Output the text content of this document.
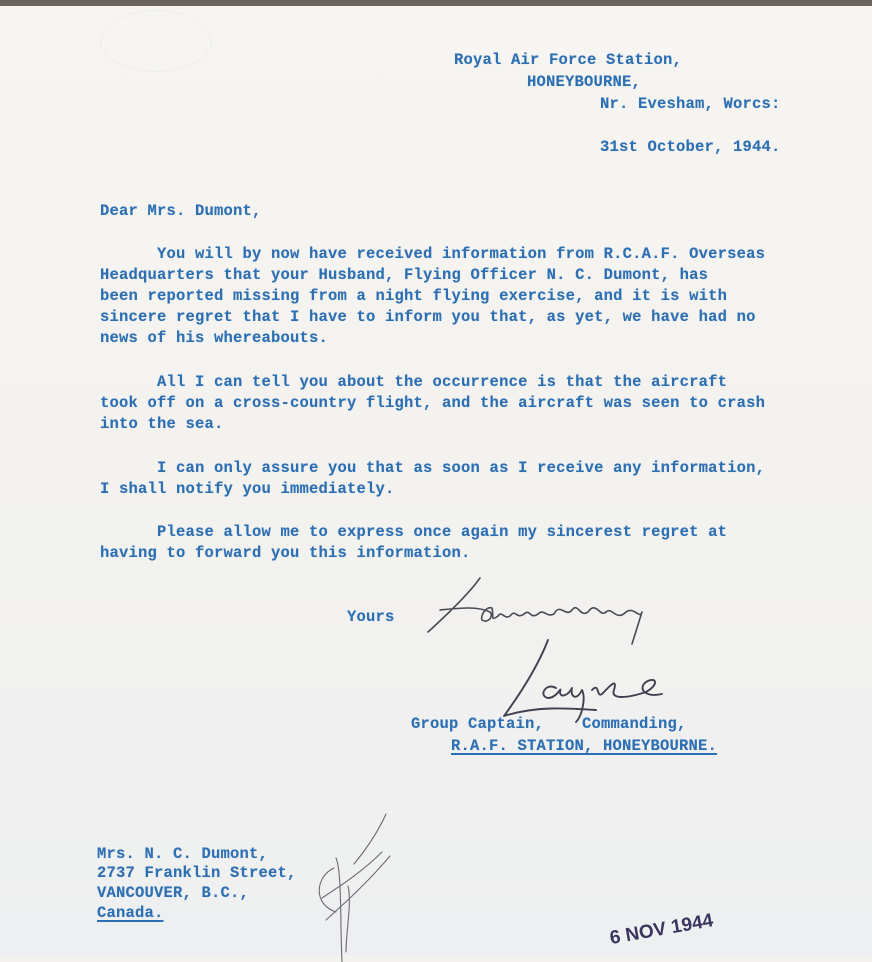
Royal Air Force Station,
HONEYBOURNE,
Nr. Evesham, Worcs:
31st October, 1944.
Dear Mrs. Dumont,
You will by now have received information from R.C.A.F. Overseas
Headquarters that your Husband, Flying Officer N. C. Dumont, has
been reported missing from a night flying exercise, and it is with
sincere regret that I have to inform you that, as yet, we have had no
news of his whereabouts.
All I can tell you about the occurrence is that the aircraft
took off on a cross-country flight, and the aircraft was seen to crash
into the sea.
I can only assure you that as soon as I receive any information,
I shall notify you immediately.
Please allow me to express once again my sincerest regret at
having to forward you this information.
Yours
Group Captain,    Commanding,
R.A.F. STATION, HONEYBOURNE.
Mrs. N. C. Dumont,
2737 Franklin Street,
VANCOUVER, B.C.,
Canada.	6 NOV 1944
